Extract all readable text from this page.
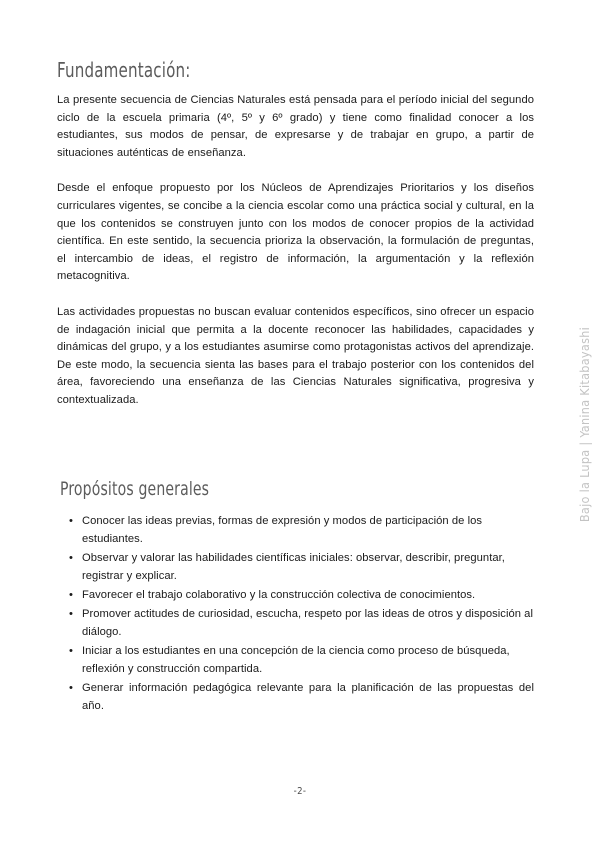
Fundamentación:

La presente secuencia de Ciencias Naturales está pensada para el período inicial del segundo ciclo de la escuela primaria (4º, 5º y 6º grado) y tiene como finalidad conocer a los estudiantes, sus modos de pensar, de expresarse y de trabajar en grupo, a partir de situaciones auténticas de enseñanza.

Desde el enfoque propuesto por los Núcleos de Aprendizajes Prioritarios y los diseños curriculares vigentes, se concibe a la ciencia escolar como una práctica social y cultural, en la que los contenidos se construyen junto con los modos de conocer propios de la actividad científica. En este sentido, la secuencia prioriza la observación, la formulación de preguntas, el intercambio de ideas, el registro de información, la argumentación y la reflexión metacognitiva.

Las actividades propuestas no buscan evaluar contenidos específicos, sino ofrecer un espacio de indagación inicial que permita a la docente reconocer las habilidades, capacidades y dinámicas del grupo, y a los estudiantes asumirse como protagonistas activos del aprendizaje. De este modo, la secuencia sienta las bases para el trabajo posterior con los contenidos del área, favoreciendo una enseñanza de las Ciencias Naturales significativa, progresiva y contextualizada.

Propósitos generales
• Conocer las ideas previas, formas de expresión y modos de participación de los estudiantes.
• Observar y valorar las habilidades científicas iniciales: observar, describir, preguntar, registrar y explicar.
• Favorecer el trabajo colaborativo y la construcción colectiva de conocimientos.
• Promover actitudes de curiosidad, escucha, respeto por las ideas de otros y disposición al diálogo.
• Iniciar a los estudiantes en una concepción de la ciencia como proceso de búsqueda, reflexión y construcción compartida.
• Generar información pedagógica relevante para la planificación de las propuestas del año.
Bajo la Lupa | Yanina Kitabayashi
-2-
